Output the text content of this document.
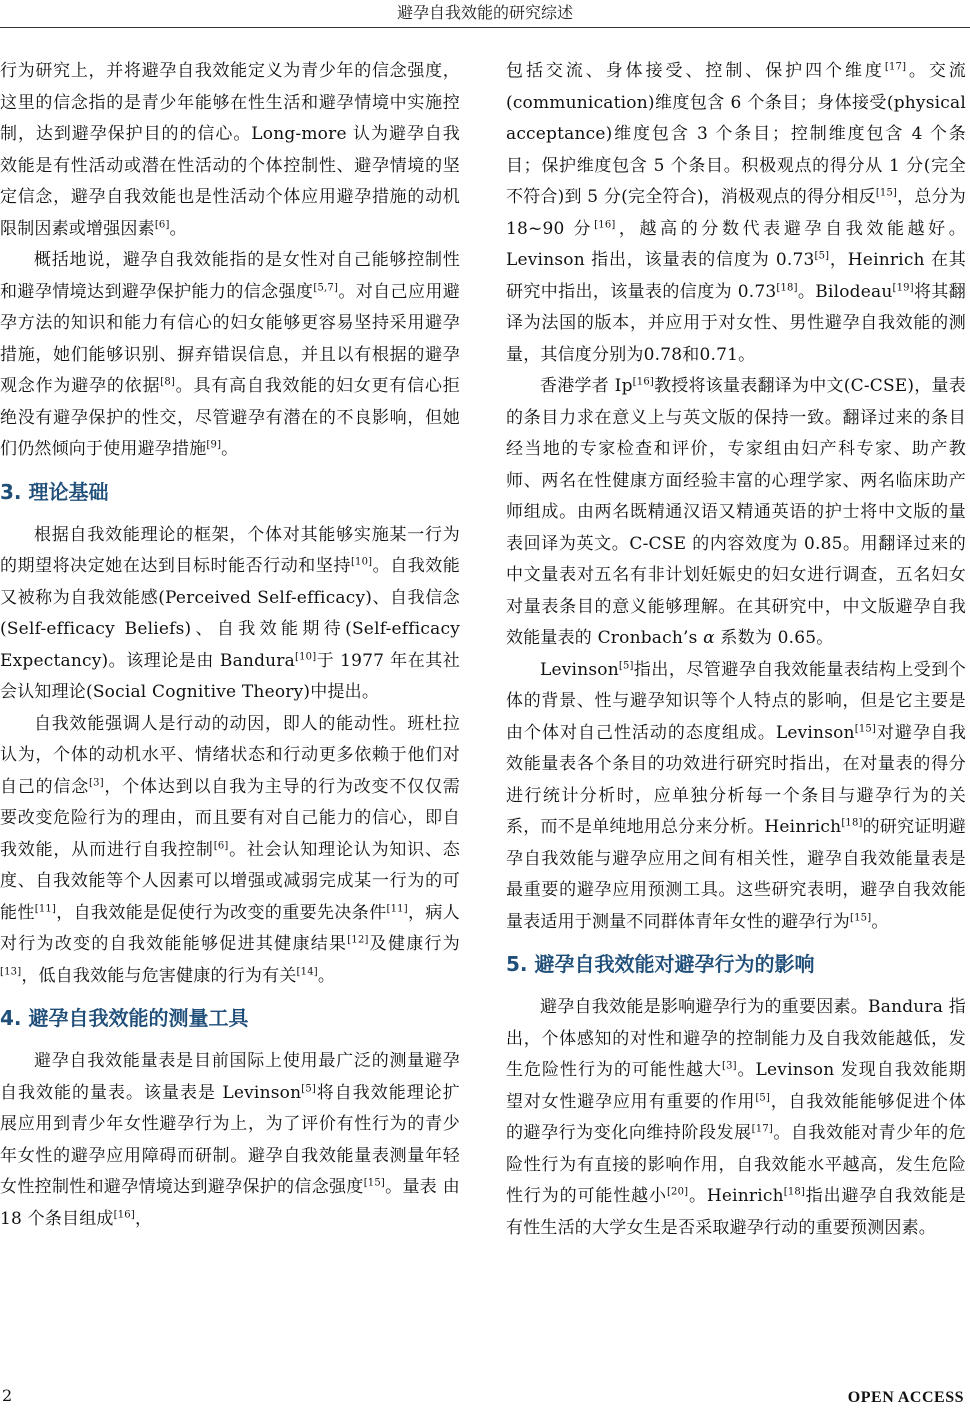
避孕自我效能的研究综述

行为研究上，并将避孕自我效能定义为青少年的信念强度，这里的信念指的是青少年能够在性生活和避孕情境中实施控制，达到避孕保护目的的信心。Long-more 认为避孕自我效能是有性活动或潜在性活动的个体控制性、避孕情境的坚定信念，避孕自我效能也是性活动个体应用避孕措施的动机限制因素或增强因素[6]。

概括地说，避孕自我效能指的是女性对自己能够控制性和避孕情境达到避孕保护能力的信念强度[5,7]。对自己应用避孕方法的知识和能力有信心的妇女能够更容易坚持采用避孕措施，她们能够识别、摒弃错误信息，并且以有根据的避孕观念作为避孕的依据[8]。具有高自我效能的妇女更有信心拒绝没有避孕保护的性交，尽管避孕有潜在的不良影响，但她们仍然倾向于使用避孕措施[9]。

3. 理论基础

根据自我效能理论的框架，个体对其能够实施某一行为的期望将决定她在达到目标时能否行动和坚持[10]。自我效能又被称为自我效能感(Perceived Self-efficacy)、自我信念(Self-efficacy Beliefs)、自我效能期待(Self-efficacy Expectancy)。该理论是由 Bandura[10]于 1977 年在其社会认知理论(Social Cognitive Theory)中提出。

自我效能强调人是行动的动因，即人的能动性。班杜拉认为，个体的动机水平、情绪状态和行动更多依赖于他们对自己的信念[3]，个体达到以自我为主导的行为改变不仅仅需要改变危险行为的理由，而且要有对自己能力的信心，即自我效能，从而进行自我控制[6]。社会认知理论认为知识、态度、自我效能等个人因素可以增强或减弱完成某一行为的可能性[11]，自我效能是促使行为改变的重要先决条件[11]，病人对行为改变的自我效能能够促进其健康结果[12]及健康行为[13]，低自我效能与危害健康的行为有关[14]。

4. 避孕自我效能的测量工具

避孕自我效能量表是目前国际上使用最广泛的测量避孕自我效能的量表。该量表是 Levinson[5]将自我效能理论扩展应用到青少年女性避孕行为上，为了评价有性行为的青少年女性的避孕应用障碍而研制。避孕自我效能量表测量年轻女性控制性和避孕情境达到避孕保护的信念强度[15]。量表 由 18 个条目组成[16]，

包括交流、身体接受、控制、保护四个维度[17]。交流(communication)维度包含 6 个条目；身体接受(physical acceptance)维度包含 3 个条目；控制维度包含 4 个条目；保护维度包含 5 个条目。积极观点的得分从 1 分(完全不符合)到 5 分(完全符合)，消极观点的得分相反[15]，总分为 18~90 分[16]，越高的分数代表避孕自我效能越好。Levinson 指出，该量表的信度为 0.73[5]，Heinrich 在其研究中指出，该量表的信度为 0.73[18]。Bilodeau[19]将其翻译为法国的版本，并应用于对女性、男性避孕自我效能的测量，其信度分别为0.78和0.71。

香港学者 Ip[16]教授将该量表翻译为中文(C-CSE)，量表的条目力求在意义上与英文版的保持一致。翻译过来的条目经当地的专家检查和评价，专家组由妇产科专家、助产教师、两名在性健康方面经验丰富的心理学家、两名临床助产师组成。由两名既精通汉语又精通英语的护士将中文版的量表回译为英文。C-CSE 的内容效度为 0.85。用翻译过来的中文量表对五名有非计划妊娠史的妇女进行调查，五名妇女对量表条目的意义能够理解。在其研究中，中文版避孕自我效能量表的 Cronbach’s α 系数为 0.65。

Levinson[5]指出，尽管避孕自我效能量表结构上受到个体的背景、性与避孕知识等个人特点的影响，但是它主要是由个体对自己性活动的态度组成。Levinson[15]对避孕自我效能量表各个条目的功效进行研究时指出，在对量表的得分进行统计分析时，应单独分析每一个条目与避孕行为的关系，而不是单纯地用总分来分析。Heinrich[18]的研究证明避孕自我效能与避孕应用之间有相关性，避孕自我效能量表是最重要的避孕应用预测工具。这些研究表明，避孕自我效能量表适用于测量不同群体青年女性的避孕行为[15]。

5. 避孕自我效能对避孕行为的影响

避孕自我效能是影响避孕行为的重要因素。Bandura 指出，个体感知的对性和避孕的控制能力及自我效能越低，发生危险性行为的可能性越大[3]。Levinson 发现自我效能期望对女性避孕应用有重要的作用[5]，自我效能能够促进个体的避孕行为变化向维持阶段发展[17]。自我效能对青少年的危险性行为有直接的影响作用，自我效能水平越高，发生危险性行为的可能性越小[20]。Heinrich[18]指出避孕自我效能是有性生活的大学女生是否采取避孕行动的重要预测因素。

2	OPEN ACCESS
